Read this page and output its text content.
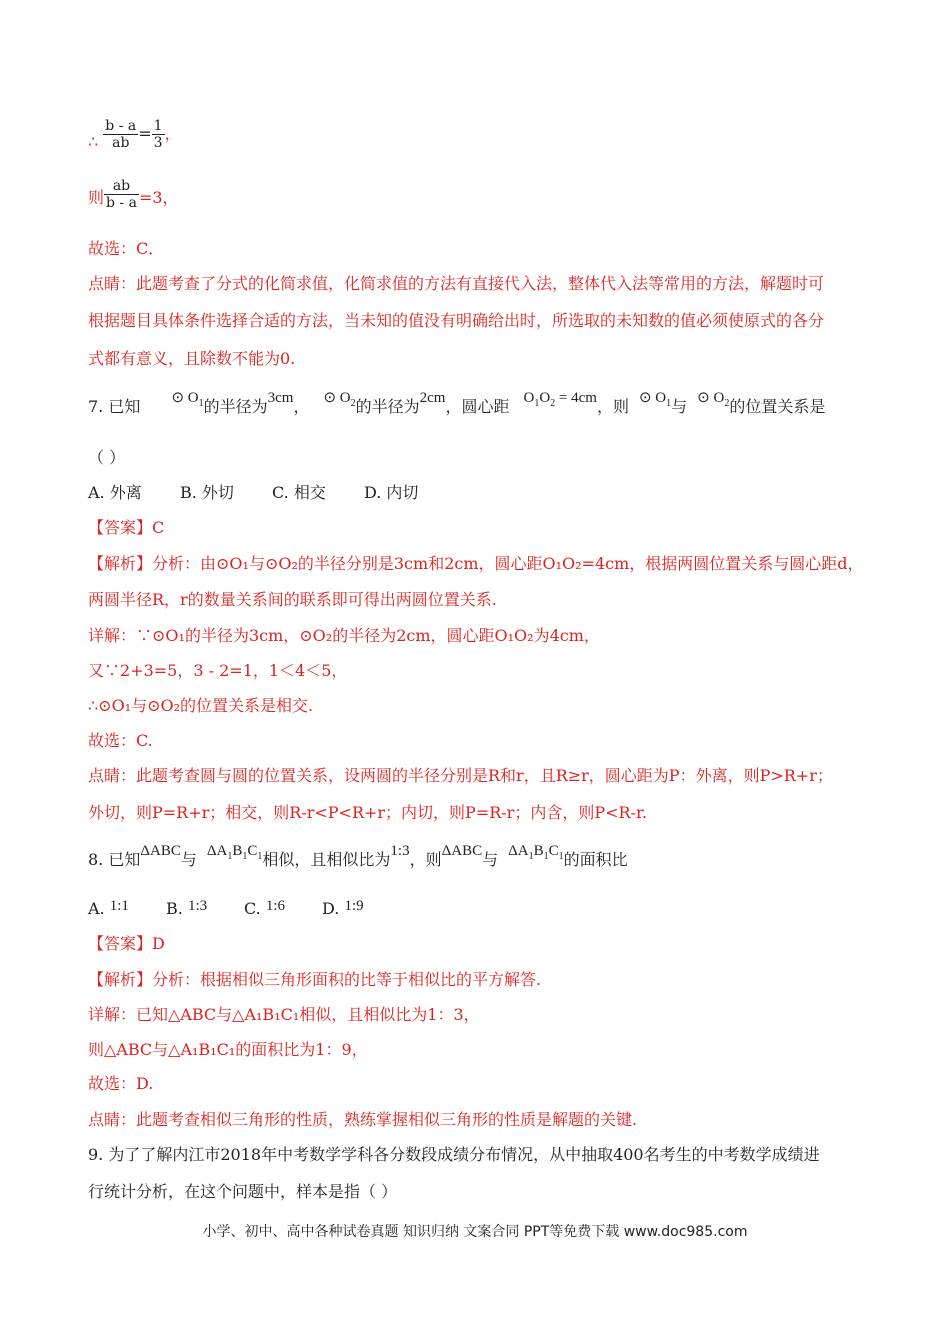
∴ $\frac{b - a}{ab} = \frac{1}{3}$ ，
则 $\frac{ab}{b - a} =3$，
故选：C．
点睛：此题考查了分式的化简求值，化简求值的方法有直接代入法，整体代入法等常用的方法，解题时可
根据题目具体条件选择合适的方法，当未知的值没有明确给出时，所选取的未知数的值必须使原式的各分
式都有意义，且除数不能为0.
7. 已知 ⊙ $O_1$的半径为3cm， ⊙ $O_2$的半径为2cm，圆心距 $O_1O_2 = 4cm$，则 ⊙ $O_1$与 ⊙ $O_2$的位置关系是
（ ）
A. 外离 B. 外切 C. 相交 D. 内切
【答案】C
【解析】分析：由⊙O₁与⊙O₂的半径分别是3cm和2cm，圆心距O₁O₂=4cm，根据两圆位置关系与圆心距d，
两圆半径R，r的数量关系间的联系即可得出两圆位置关系.
详解：∵⊙O₁的半径为3cm，⊙O₂的半径为2cm，圆心距O₁O₂为4cm，
又∵2+3=5，3 - 2=1，1＜4＜5，
∴⊙O₁与⊙O₂的位置关系是相交.
故选：C.
点睛：此题考查圆与圆的位置关系，设两圆的半径分别是R和r，且R≥r，圆心距为P：外离，则P>R+r；
外切，则P=R+r；相交，则R-r<P<R+r；内切，则P=R-r；内含，则P<R-r.
8. 已知ΔABC与 $\Delta A_1B_1C_1$相似，且相似比为1:3，则ΔABC与 $\Delta A_1B_1C_1$的面积比
A. 1:1 B. 1:3 C. 1:6 D. 1:9
【答案】D
【解析】分析：根据相似三角形面积的比等于相似比的平方解答.
详解：已知△ABC与△A₁B₁C₁相似，且相似比为1：3，
则△ABC与△A₁B₁C₁的面积比为1：9，
故选：D.
点睛：此题考查相似三角形的性质，熟练掌握相似三角形的性质是解题的关键.
9. 为了了解内江市2018年中考数学学科各分数段成绩分布情况，从中抽取400名考生的中考数学成绩进
行统计分析，在这个问题中，样本是指（ ）
小学、初中、高中各种试卷真题 知识归纳 文案合同 PPT等免费下载 www.doc985.com
